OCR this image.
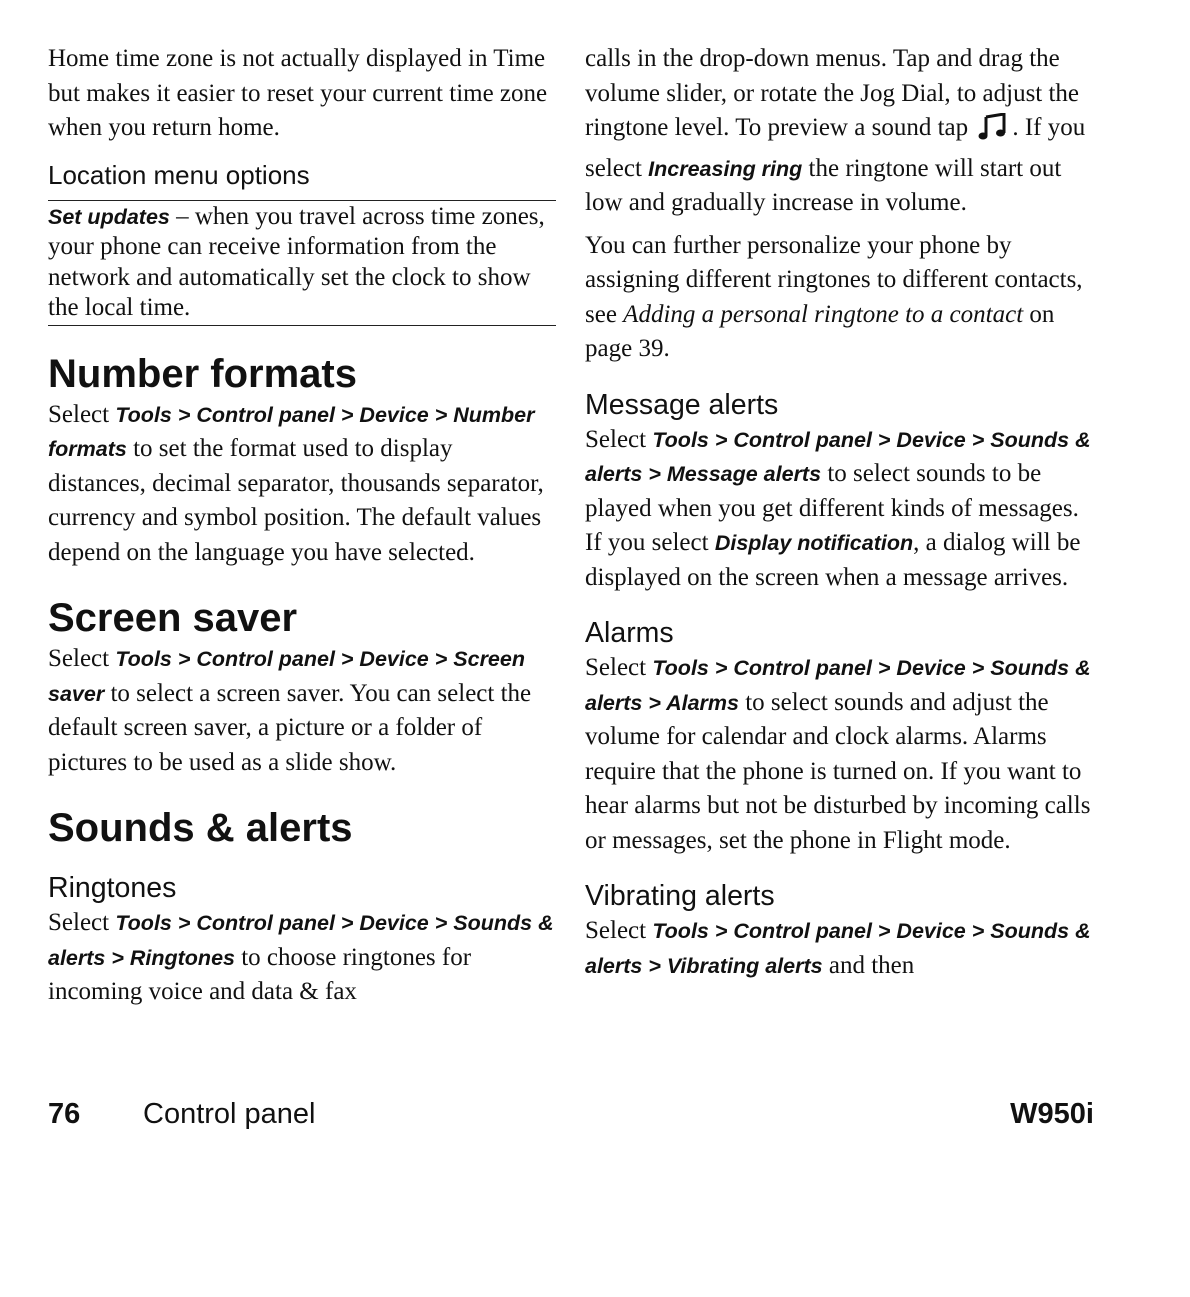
Home time zone is not actually displayed in Time but makes it easier to reset your current time zone when you return home.

Location menu options

Set updates – when you travel across time zones, your phone can receive information from the network and automatically set the clock to show the local time.

Number formats

Select Tools > Control panel > Device > Number formats to set the format used to display distances, decimal separator, thousands separator, currency and symbol position. The default values depend on the language you have selected.

Screen saver

Select Tools > Control panel > Device > Screen saver to select a screen saver. You can select the default screen saver, a picture or a folder of pictures to be used as a slide show.

Sounds & alerts
Ringtones

Select Tools > Control panel > Device > Sounds & alerts > Ringtones to choose ringtones for incoming voice and data & fax

calls in the drop-down menus. Tap and drag the volume slider, or rotate the Jog Dial, to adjust the ringtone level. To preview a sound tap . If you select Increasing ring the ringtone will start out low and gradually increase in volume.

You can further personalize your phone by assigning different ringtones to different contacts, see Adding a personal ringtone to a contact on page 39.

Message alerts

Select Tools > Control panel > Device > Sounds & alerts > Message alerts to select sounds to be played when you get different kinds of messages. If you select Display notification, a dialog will be displayed on the screen when a message arrives.

Alarms

Select Tools > Control panel > Device > Sounds & alerts > Alarms to select sounds and adjust the volume for calendar and clock alarms. Alarms require that the phone is turned on. If you want to hear alarms but not be disturbed by incoming calls or messages, set the phone in Flight mode.

Vibrating alerts

Select Tools > Control panel > Device > Sounds & alerts > Vibrating alerts and then

76 Control panel	W950i
